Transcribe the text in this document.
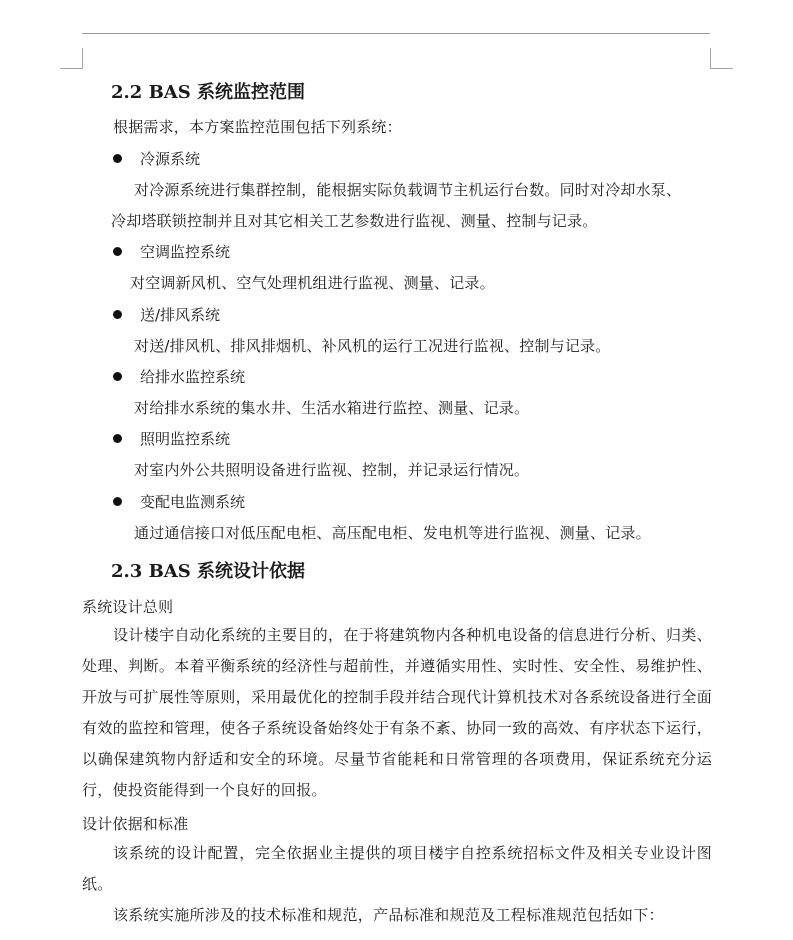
2.2 BAS 系统监控范围
根据需求，本方案监控范围包括下列系统：
冷源系统
对冷源系统进行集群控制，能根据实际负载调节主机运行台数。同时对冷却水泵、
冷却塔联锁控制并且对其它相关工艺参数进行监视、测量、控制与记录。
空调监控系统
对空调新风机、空气处理机组进行监视、测量、记录。
送/排风系统
对送/排风机、排风排烟机、补风机的运行工况进行监视、控制与记录。
给排水监控系统
对给排水系统的集水井、生活水箱进行监控、测量、记录。
照明监控系统
对室内外公共照明设备进行监视、控制，并记录运行情况。
变配电监测系统
通过通信接口对低压配电柜、高压配电柜、发电机等进行监视、测量、记录。
2.3 BAS 系统设计依据
系统设计总则
设计楼宇自动化系统的主要目的，在于将建筑物内各种机电设备的信息进行分析、归类、处理、判断。本着平衡系统的经济性与超前性，并遵循实用性、实时性、安全性、易维护性、开放与可扩展性等原则，采用最优化的控制手段并结合现代计算机技术对各系统设备进行全面有效的监控和管理，使各子系统设备始终处于有条不紊、协同一致的高效、有序状态下运行，以确保建筑物内舒适和安全的环境。尽量节省能耗和日常管理的各项费用，保证系统充分运行，使投资能得到一个良好的回报。
设计依据和标准
该系统的设计配置，完全依据业主提供的项目楼宇自控系统招标文件及相关专业设计图纸。
该系统实施所涉及的技术标准和规范，产品标准和规范及工程标准规范包括如下：
